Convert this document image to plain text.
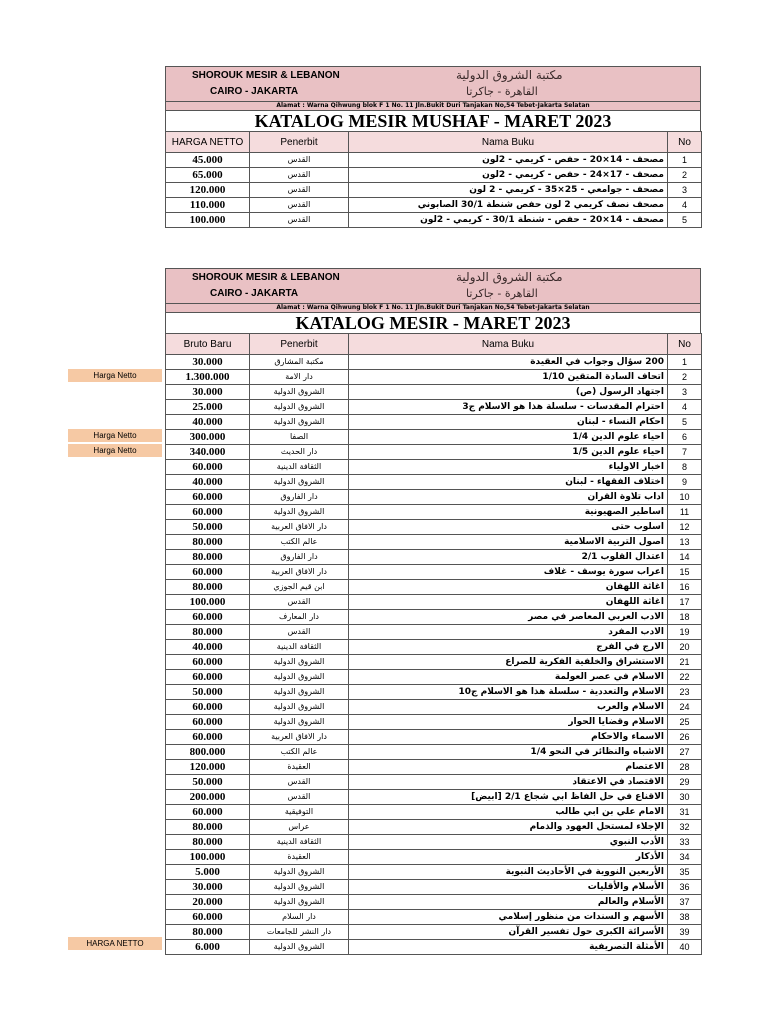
SHOROUK MESIR & LEBANON
CAIRO - JAKARTA
مكتبة الشروق الدولية
القاهرة - جاكرتا
Alamat : Warna Qihwung blok F 1 No. 11 Jln.Bukit Duri Tanjakan No,54 Tebet-Jakarta Selatan
KATALOG MESIR MUSHAF - MARET 2023
HARGA NETTO	Penerbit	Nama Buku	No
45.000	القدس	مصحف - 14×20 - حفص - كريمي - 2لون	1
65.000	القدس	مصحف - 17×24 - حفص - كريمي - 2لون	2
120.000	القدس	مصحف - جوامعي - 25×35 - كريمي - 2 لون	3
110.000	القدس	مصحف نصف كريمي 2 لون حفص شنطة 30/1 الصابوني	4
100.000	القدس	مصحف - 14×20 - حفص - شنطة 30/1 - كريمي - 2لون	5
SHOROUK MESIR & LEBANON
CAIRO - JAKARTA
مكتبة الشروق الدولية
القاهرة - جاكرتا
Alamat : Warna Qihwung blok F 1 No. 11 Jln.Bukit Duri Tanjakan No,54 Tebet-Jakarta Selatan
KATALOG MESIR - MARET 2023
Bruto Baru	Penerbit	Nama Buku	No
30.000	مكتبة المشارق	200 سؤال وجواب في العقيدة	1
1.300.000	دار الامة	اتحاف السادة المتقين 1/10	2
30.000	الشروق الدولية	اجتهاد الرسول (ص)	3
25.000	الشروق الدولية	احترام المقدسات - سلسلة هذا هو الاسلام ج3	4
40.000	الشروق الدولية	احكام النساء - لبنان	5
300.000	الصفا	احياء علوم الدين 1/4	6
340.000	دار الحديث	احياء علوم الدين 1/5	7
60.000	الثقافة الدينية	اخبار الاولياء	8
40.000	الشروق الدولية	اختلاف الفقهاء - لبنان	9
60.000	دار الفاروق	اداب تلاوة القران	10
60.000	الشروق الدولية	اساطير الصهيونية	11
50.000	دار الافاق العربية	اسلوب حتى	12
80.000	عالم الكتب	اصول التربية الاسلامية	13
80.000	دار الفاروق	اعتدال القلوب 2/1	14
60.000	دار الافاق العربية	اعراب سورة يوسف - غلاف	15
80.000	ابن قيم الجوزي	اغاثة اللهفان	16
100.000	القدس	اغاثة اللهفان	17
60.000	دار المعارف	الادب العربي المعاصر في مصر	18
80.000	القدس	الادب المفرد	19
40.000	الثقافة الدينية	الارج في الفرج	20
60.000	الشروق الدولية	الاستشراق والخلفية الفكرية للصراع	21
60.000	الشروق الدولية	الاسلام في عصر العولمة	22
50.000	الشروق الدولية	الاسلام والتعددية - سلسلة هذا هو الاسلام ج10	23
60.000	الشروق الدولية	الاسلام والعرب	24
60.000	الشروق الدولية	الاسلام وقضايا الحوار	25
60.000	دار الافاق العربية	الاسماء والاحكام	26
800.000	عالم الكتب	الاشباه والنظائر في النحو 1/4	27
120.000	العقيدة	الاعتصام	28
50.000	القدس	الاقتصاد في الاعتقاد	29
200.000	القدس	الاقناع في حل الفاظ ابي شجاع 2/1 [ابيض]	30
60.000	التوفيقية	الامام علي بن ابي طالب	31
80.000	عراس	الإجلاء لمستحل العهود والذمام	32
80.000	الثقافة الدينية	الأدب النبوي	33
100.000	العقيدة	الأذكار	34
5.000	الشروق الدولية	الأربعين النووية في الأحاديث النبوية	35
30.000	الشروق الدولية	الأسلام والأقليات	36
20.000	الشروق الدولية	الأسلام والعالم	37
60.000	دار السلام	الأسهم و السندات من منظور إسلامي	38
80.000	دار النشر للجامعات	الأسرائة الكبرى حول تفسير القرآن	39
6.000	الشروق الدولية	الأمثلة التصريفية	40
Harga Netto
Harga Netto
Harga Netto
HARGA NETTO
